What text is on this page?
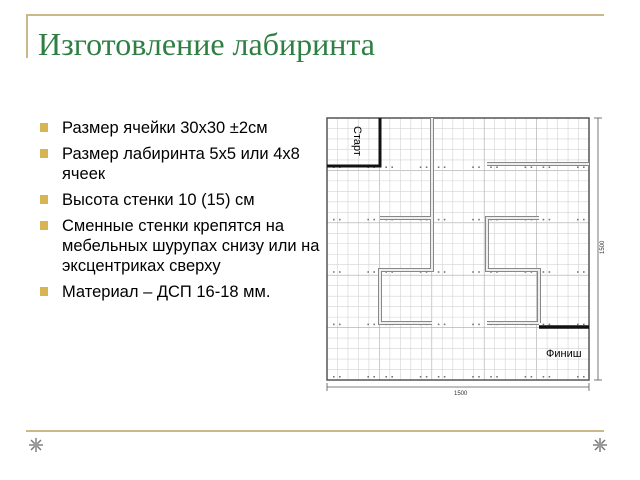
Изготовление лабиринта
Размер ячейки 30х30 ±2см
Размер лабиринта 5х5 или 4х8 ячеек
Высота стенки 10 (15) см
Сменные стенки крепятся на мебельных шурупах снизу или на эксцентриках сверху
Материал – ДСП 16-18 мм.
Старт
Финиш
1500
1500
